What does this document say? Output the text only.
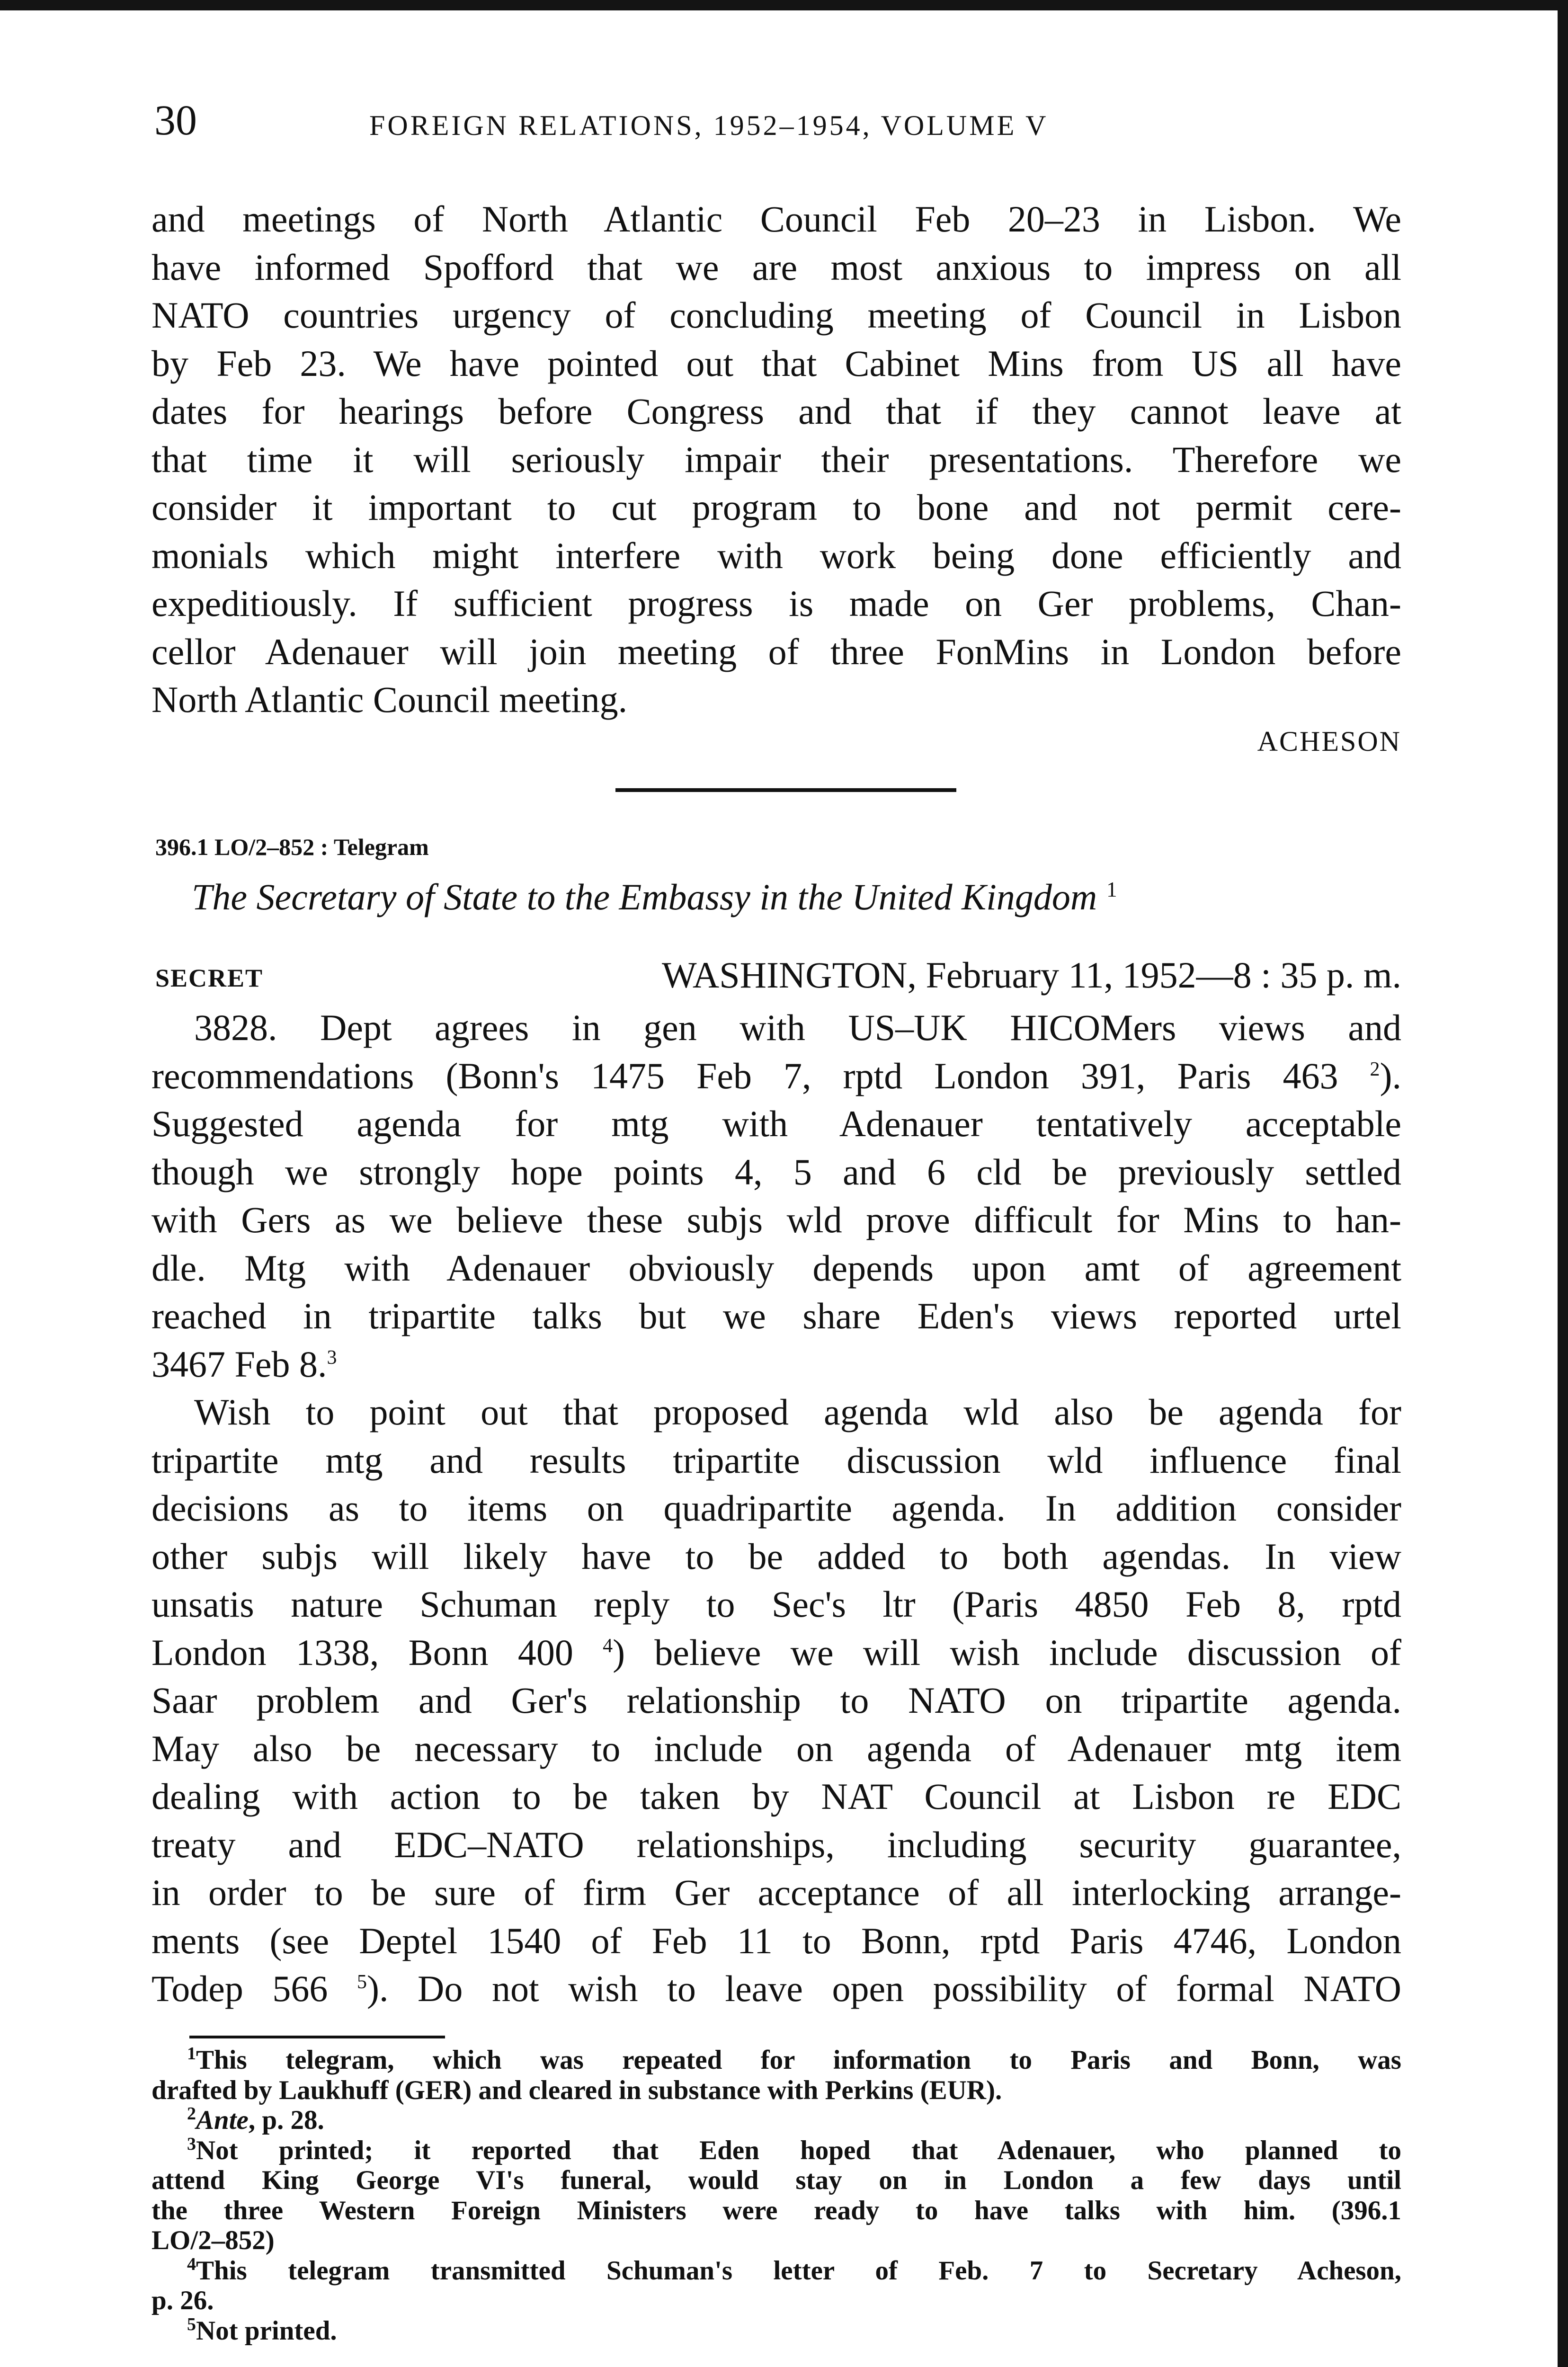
30	FOREIGN RELATIONS, 1952–1954, VOLUME V
and meetings of North Atlantic Council Feb 20–23 in Lisbon. We
have informed Spofford that we are most anxious to impress on all
NATO countries urgency of concluding meeting of Council in Lisbon
by Feb 23. We have pointed out that Cabinet Mins from US all have
dates for hearings before Congress and that if they cannot leave at
that time it will seriously impair their presentations. Therefore we
consider it important to cut program to bone and not permit cere-
monials which might interfere with work being done efficiently and
expeditiously. If sufficient progress is made on Ger problems, Chan-
cellor Adenauer will join meeting of three FonMins in London before
North Atlantic Council meeting.
ACHESON
396.1 LO/2–852 : Telegram
The Secretary of State to the Embassy in the United Kingdom $^1$
SECRET	WASHINGTON, February 11, 1952—8 : 35 p. m.
3828. Dept agrees in gen with US–UK HICOMers views and
recommendations (Bonn's 1475 Feb 7, rptd London 391, Paris 463 $^2$).
Suggested agenda for mtg with Adenauer tentatively acceptable
though we strongly hope points 4, 5 and 6 cld be previously settled
with Gers as we believe these subjs wld prove difficult for Mins to han-
dle. Mtg with Adenauer obviously depends upon amt of agreement
reached in tripartite talks but we share Eden's views reported urtel
3467 Feb 8.$^3$
Wish to point out that proposed agenda wld also be agenda for
tripartite mtg and results tripartite discussion wld influence final
decisions as to items on quadripartite agenda. In addition consider
other subjs will likely have to be added to both agendas. In view
unsatis nature Schuman reply to Sec's ltr (Paris 4850 Feb 8, rptd
London 1338, Bonn 400 $^4$) believe we will wish include discussion of
Saar problem and Ger's relationship to NATO on tripartite agenda.
May also be necessary to include on agenda of Adenauer mtg item
dealing with action to be taken by NAT Council at Lisbon re EDC
treaty and EDC–NATO relationships, including security guarantee,
in order to be sure of firm Ger acceptance of all interlocking arrange-
ments (see Deptel 1540 of Feb 11 to Bonn, rptd Paris 4746, London
Todep 566 $^5$). Do not wish to leave open possibility of formal NATO
$^1$This telegram, which was repeated for information to Paris and Bonn, was
drafted by Laukhuff (GER) and cleared in substance with Perkins (EUR).
$^2$Ante, p. 28.
$^3$Not printed; it reported that Eden hoped that Adenauer, who planned to
attend King George VI's funeral, would stay on in London a few days until
the three Western Foreign Ministers were ready to have talks with him. (396.1
LO/2–852)
$^4$This telegram transmitted Schuman's letter of Feb. 7 to Secretary Acheson,
p. 26.
$^5$Not printed.
